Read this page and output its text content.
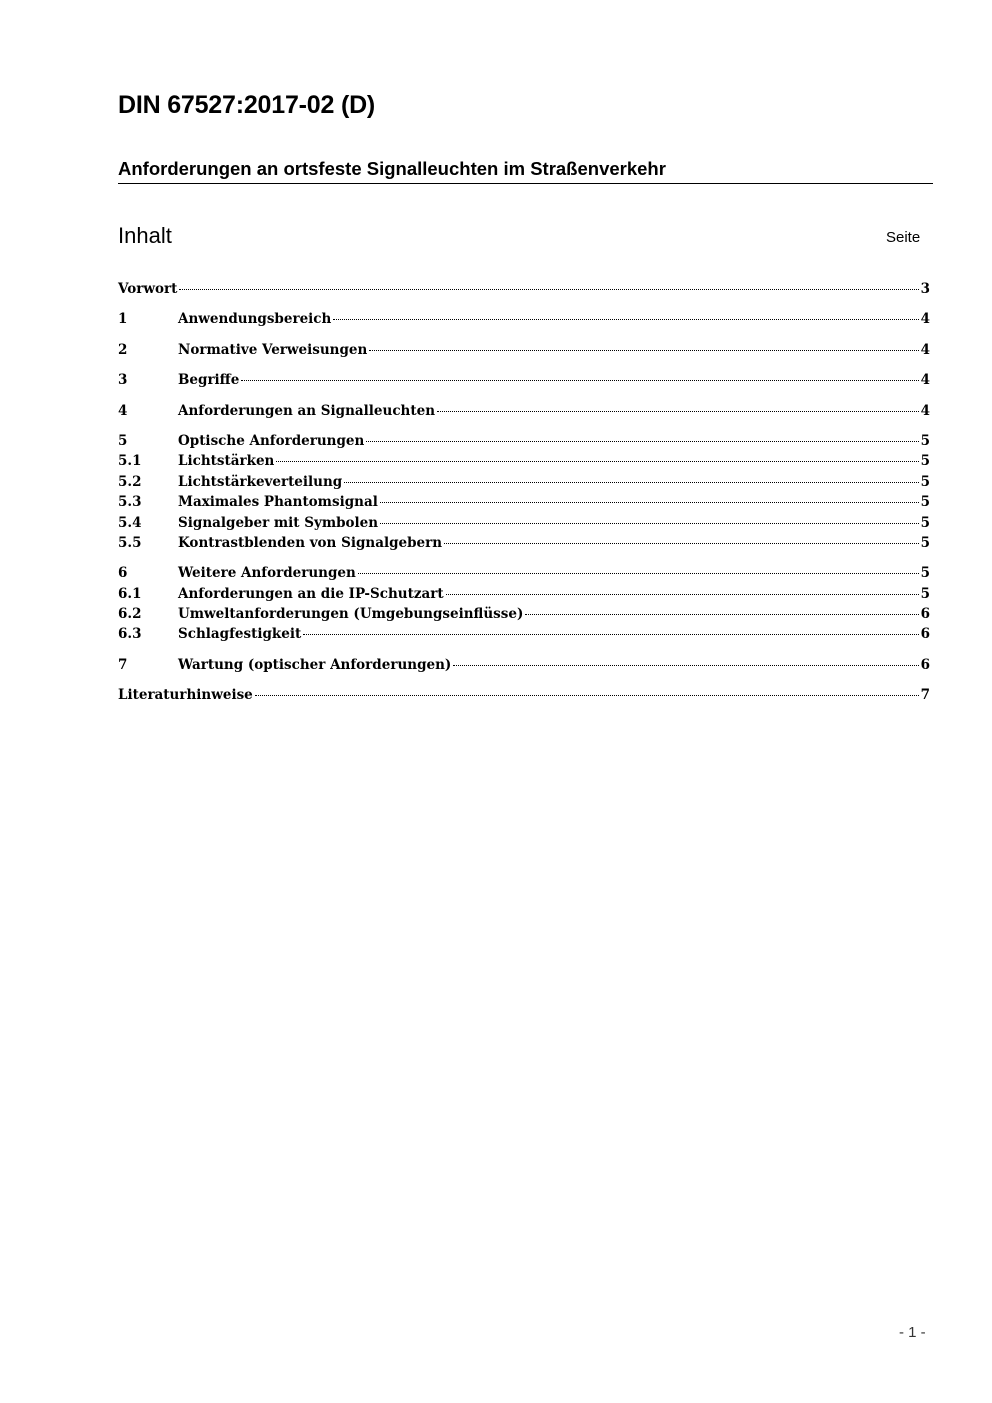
DIN 67527:2017-02 (D)
Anforderungen an ortsfeste Signalleuchten im Straßenverkehr
Inhalt	Seite
Vorwort	3
1	Anwendungsbereich	4
2	Normative Verweisungen	4
3	Begriffe	4
4	Anforderungen an Signalleuchten	4
5	Optische Anforderungen	5
5.1	Lichtstärken	5
5.2	Lichtstärkeverteilung	5
5.3	Maximales Phantomsignal	5
5.4	Signalgeber mit Symbolen	5
5.5	Kontrastblenden von Signalgebern	5
6	Weitere Anforderungen	5
6.1	Anforderungen an die IP-Schutzart	5
6.2	Umweltanforderungen (Umgebungseinflüsse)	6
6.3	Schlagfestigkeit	6
7	Wartung (optischer Anforderungen)	6
Literaturhinweise	7
- 1 -
